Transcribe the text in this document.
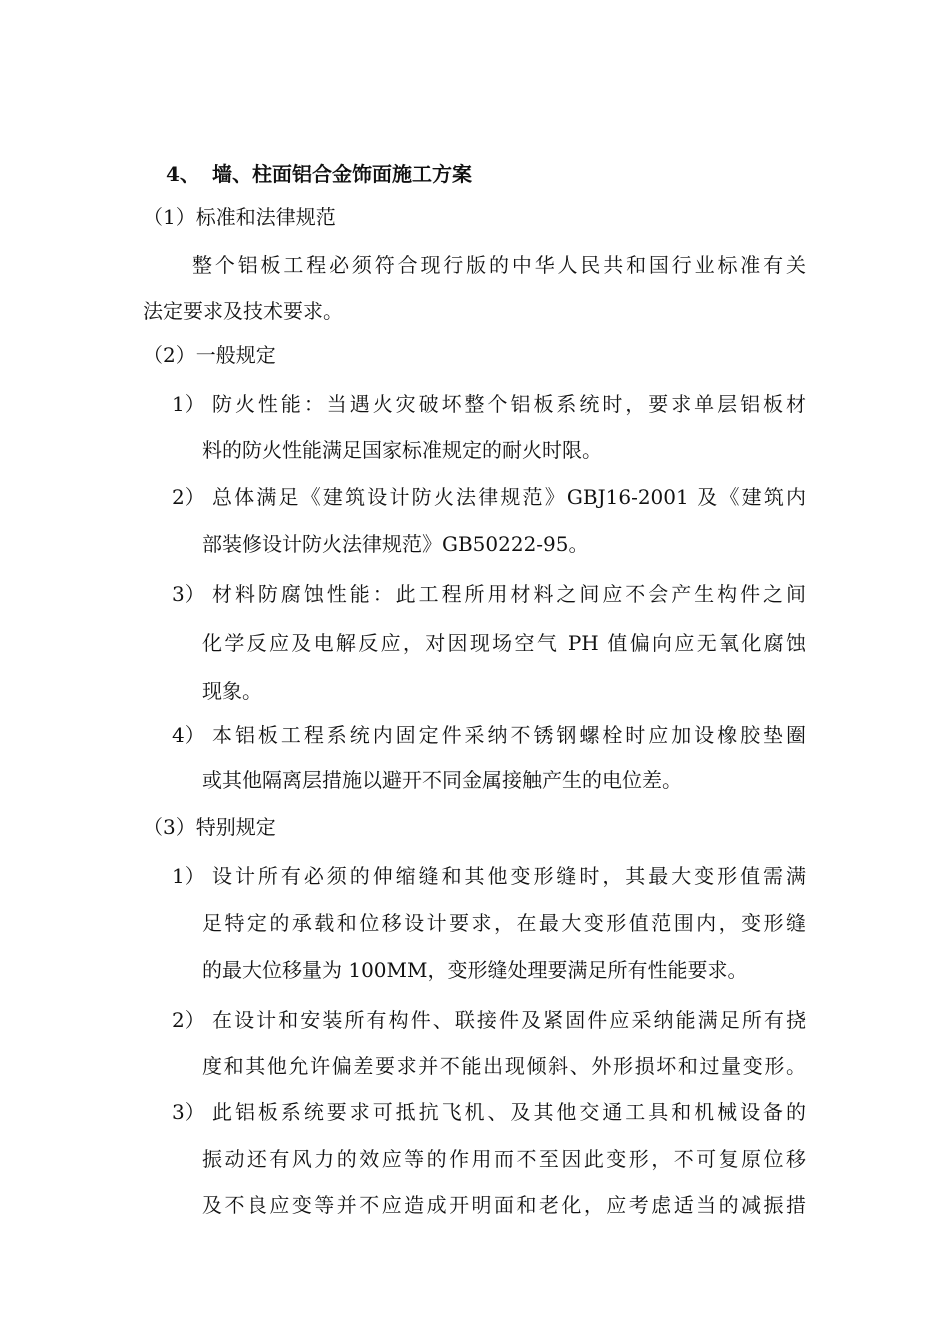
4、 墙、柱面铝合金饰面施工方案
（1）标准和法律规范
整个铝板工程必须符合现行版的中华人民共和国行业标准有关
法定要求及技术要求。
（2）一般规定
1） 防火性能：当遇火灾破坏整个铝板系统时，要求单层铝板材
料的防火性能满足国家标准规定的耐火时限。
2） 总体满足《建筑设计防火法律规范》GBJ16-2001 及《建筑内
部装修设计防火法律规范》GB50222-95。
3） 材料防腐蚀性能：此工程所用材料之间应不会产生构件之间
化学反应及电解反应，对因现场空气 PH 值偏向应无氧化腐蚀
现象。
4） 本铝板工程系统内固定件采纳不锈钢螺栓时应加设橡胶垫圈
或其他隔离层措施以避开不同金属接触产生的电位差。
（3）特别规定
1） 设计所有必须的伸缩缝和其他变形缝时，其最大变形值需满
足特定的承载和位移设计要求，在最大变形值范围内，变形缝
的最大位移量为 100MM，变形缝处理要满足所有性能要求。
2） 在设计和安装所有构件、联接件及紧固件应采纳能满足所有挠
度和其他允许偏差要求并不能出现倾斜、外形损坏和过量变形。
3） 此铝板系统要求可抵抗飞机、及其他交通工具和机械设备的
振动还有风力的效应等的作用而不至因此变形，不可复原位移
及不良应变等并不应造成开明面和老化，应考虑适当的减振措
